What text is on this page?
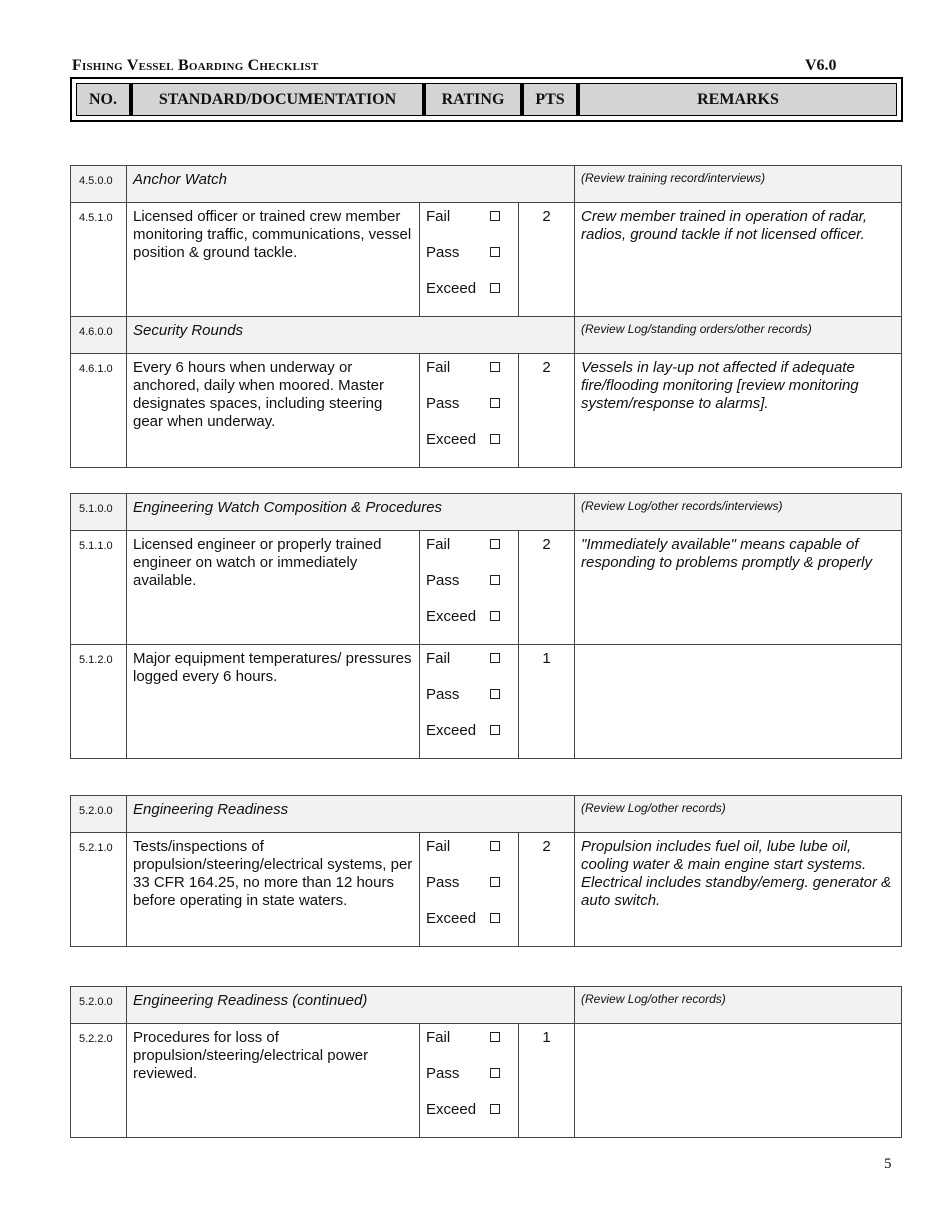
Fishing Vessel Boarding Checklist	V6.0
NO.	STANDARD/DOCUMENTATION	RATING	PTS	REMARKS
4.5.0.0	Anchor Watch			(Review training record/interviews)
4.5.1.0	Licensed officer or trained crew member monitoring traffic, communications, vessel position & ground tackle.	Fail
Pass
Exceed	2	Crew member trained in operation of radar, radios, ground tackle if not licensed officer.
4.6.0.0	Security Rounds			(Review Log/standing orders/other records)
4.6.1.0	Every 6 hours when underway or anchored, daily when moored. Master designates spaces, including steering gear when underway.	Fail
Pass
Exceed	2	Vessels in lay-up not affected if adequate fire/flooding monitoring [review monitoring system/response to alarms].
5.1.0.0	Engineering Watch Composition & Procedures			(Review Log/other records/interviews)
5.1.1.0	Licensed engineer or properly trained engineer on watch or immediately available.	Fail
Pass
Exceed	2	"Immediately available" means capable of responding to problems promptly & properly
5.1.2.0	Major equipment temperatures/ pressures logged every 6 hours.	Fail
Pass
Exceed	1	
5.2.0.0	Engineering Readiness			(Review Log/other records)
5.2.1.0	Tests/inspections of propulsion/steering/electrical systems, per 33 CFR 164.25, no more than 12 hours before operating in state waters.	Fail
Pass
Exceed	2	Propulsion includes fuel oil, lube lube oil, cooling water & main engine start systems. Electrical includes standby/emerg. generator & auto switch.
5.2.0.0	Engineering Readiness (continued)			(Review Log/other records)
5.2.2.0	Procedures for loss of propulsion/steering/electrical power reviewed.	Fail
Pass
Exceed	1	
5
